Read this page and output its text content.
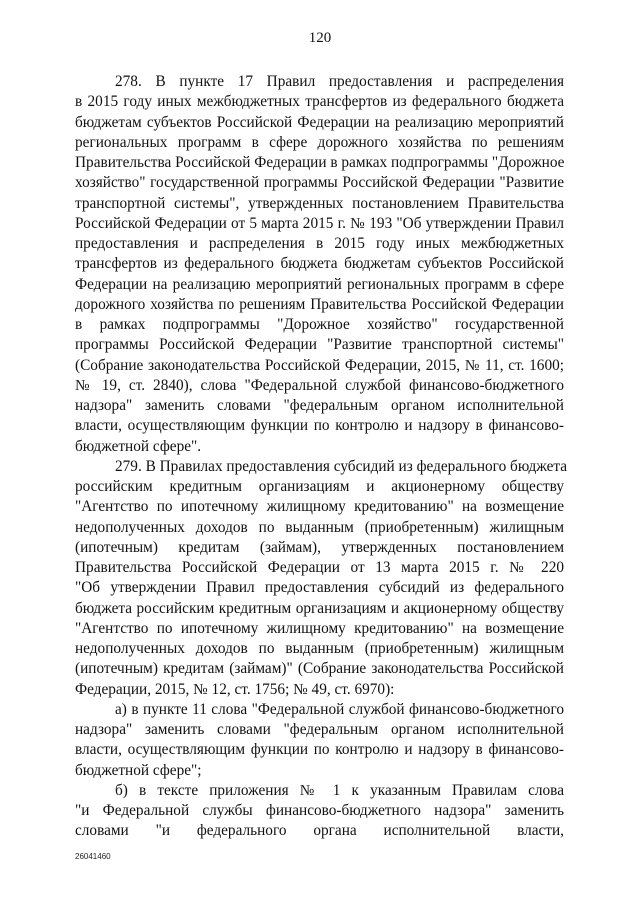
120
278. В пункте 17 Правил предоставления и распределения
в 2015 году иных межбюджетных трансфертов из федерального бюджета
бюджетам субъектов Российской Федерации на реализацию мероприятий
региональных программ в сфере дорожного хозяйства по решениям
Правительства Российской Федерации в рамках подпрограммы "Дорожное
хозяйство" государственной программы Российской Федерации "Развитие
транспортной системы", утвержденных постановлением Правительства
Российской Федерации от 5 марта 2015 г. № 193 "Об утверждении Правил
предоставления и распределения в 2015 году иных межбюджетных
трансфертов из федерального бюджета бюджетам субъектов Российской
Федерации на реализацию мероприятий региональных программ в сфере
дорожного хозяйства по решениям Правительства Российской Федерации
в рамках подпрограммы "Дорожное хозяйство" государственной
программы Российской Федерации "Развитие транспортной системы"
(Собрание законодательства Российской Федерации, 2015, № 11, ст. 1600;
№ 19, ст. 2840), слова "Федеральной службой финансово-бюджетного
надзора" заменить словами "федеральным органом исполнительной
власти, осуществляющим функции по контролю и надзору в финансово-
бюджетной сфере".
279. В Правилах предоставления субсидий из федерального бюджета
российским кредитным организациям и акционерному обществу
"Агентство по ипотечному жилищному кредитованию" на возмещение
недополученных доходов по выданным (приобретенным) жилищным
(ипотечным) кредитам (займам), утвержденных постановлением
Правительства Российской Федерации от 13 марта 2015 г. № 220
"Об утверждении Правил предоставления субсидий из федерального
бюджета российским кредитным организациям и акционерному обществу
"Агентство по ипотечному жилищному кредитованию" на возмещение
недополученных доходов по выданным (приобретенным) жилищным
(ипотечным) кредитам (займам)" (Собрание законодательства Российской
Федерации, 2015, № 12, ст. 1756; № 49, ст. 6970):
а) в пункте 11 слова "Федеральной службой финансово-бюджетного
надзора" заменить словами "федеральным органом исполнительной
власти, осуществляющим функции по контролю и надзору в финансово-
бюджетной сфере";
б) в тексте приложения № 1 к указанным Правилам слова
"и Федеральной службы финансово-бюджетного надзора" заменить
словами "и федерального органа исполнительной власти,
26041460
